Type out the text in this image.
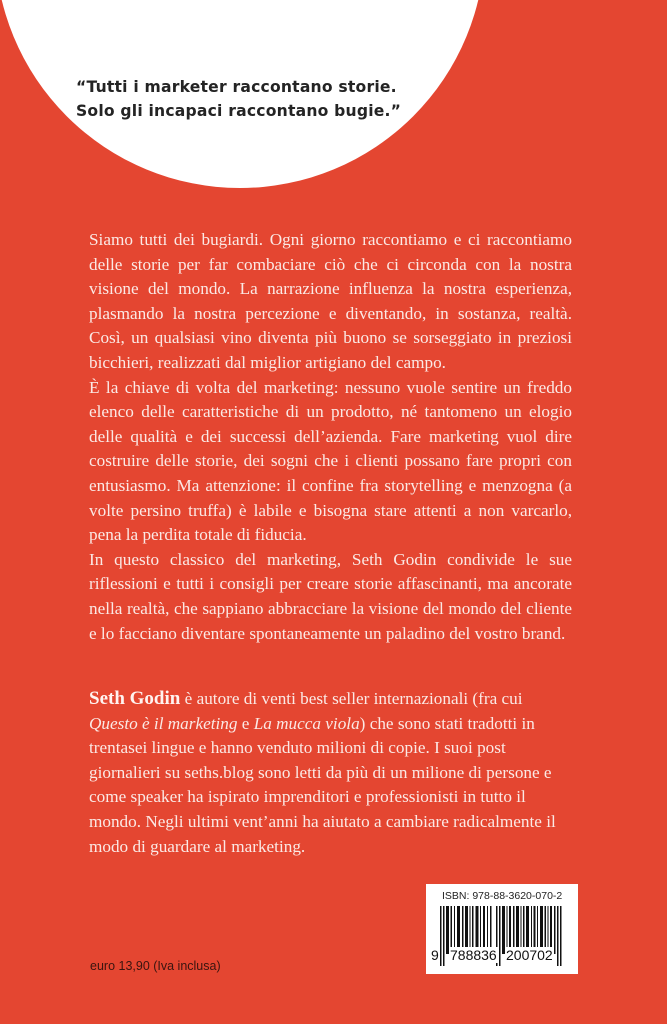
“Tutti i marketer raccontano storie.
Solo gli incapaci raccontano bugie.”

Siamo tutti dei bugiardi. Ogni giorno raccontiamo e ci raccontiamo delle storie per far combaciare ciò che ci circonda con la nostra visione del mondo. La narrazione influenza la nostra esperienza, plasmando la nostra percezione e diventando, in sostanza, realtà. Così, un qualsiasi vino diventa più buono se sorseggiato in preziosi bicchieri, realizzati dal miglior artigiano del campo.

È la chiave di volta del marketing: nessuno vuole sentire un freddo elenco delle caratteristiche di un prodotto, né tantomeno un elogio delle qualità e dei successi dell’azienda. Fare marketing vuol dire costruire delle storie, dei sogni che i clienti possano fare propri con entusiasmo. Ma attenzione: il confine fra storytelling e menzogna (a volte persino truffa) è labile e bisogna stare attenti a non varcarlo, pena la perdita totale di fiducia.

In questo classico del marketing, Seth Godin condivide le sue riflessioni e tutti i consigli per creare storie affascinanti, ma ancorate nella realtà, che sappiano abbracciare la visione del mondo del cliente e lo facciano diventare spontaneamente un paladino del vostro brand.

Seth Godin è autore di venti best seller internazionali (fra cui Questo è il marketing e La mucca viola) che sono stati tradotti in trentasei lingue e hanno venduto milioni di copie. I suoi post giornalieri su seths.blog sono letti da più di un milione di persone e come speaker ha ispirato imprenditori e professionisti in tutto il mondo. Negli ultimi vent’anni ha aiutato a cambiare radicalmente il modo di guardare al marketing.

euro 13,90 (Iva inclusa)
ISBN: 978-88-3620-070-2
9 788836 200702
